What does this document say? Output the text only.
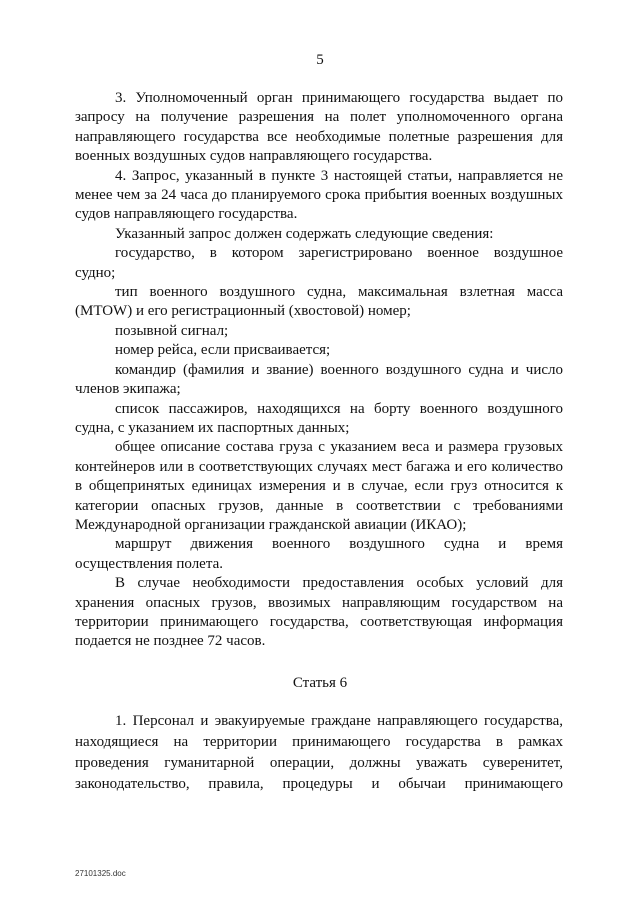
5

3. Уполномоченный орган принимающего государства выдает по

запросу на получение разрешения на полет уполномоченного органа

направляющего государства все необходимые полетные разрешения для

военных воздушных судов направляющего государства.

4. Запрос, указанный в пункте 3 настоящей статьи, направляется не

менее чем за 24 часа до планируемого срока прибытия военных воздушных

судов направляющего государства.

Указанный запрос должен содержать следующие сведения:

государство, в котором зарегистрировано военное воздушное

судно;

тип военного воздушного судна, максимальная взлетная масса

(MTOW) и его регистрационный (хвостовой) номер;

позывной сигнал;

номер рейса, если присваивается;

командир (фамилия и звание) военного воздушного судна и число

членов экипажа;

список пассажиров, находящихся на борту военного воздушного

судна, с указанием их паспортных данных;

общее описание состава груза с указанием веса и размера грузовых

контейнеров или в соответствующих случаях мест багажа и его количество

в общепринятых единицах измерения и в случае, если груз относится к

категории опасных грузов, данные в соответствии с требованиями

Международной организации гражданской авиации (ИКАО);

маршрут движения военного воздушного судна и время

осуществления полета.

В случае необходимости предоставления особых условий для

хранения опасных грузов, ввозимых направляющим государством на

территории принимающего государства, соответствующая информация

подается не позднее 72 часов.

Статья 6

1. Персонал и эвакуируемые граждане направляющего государства,

находящиеся на территории принимающего государства в рамках

проведения гуманитарной операции, должны уважать суверенитет,

законодательство, правила, процедуры и обычаи принимающего

27101325.doc
